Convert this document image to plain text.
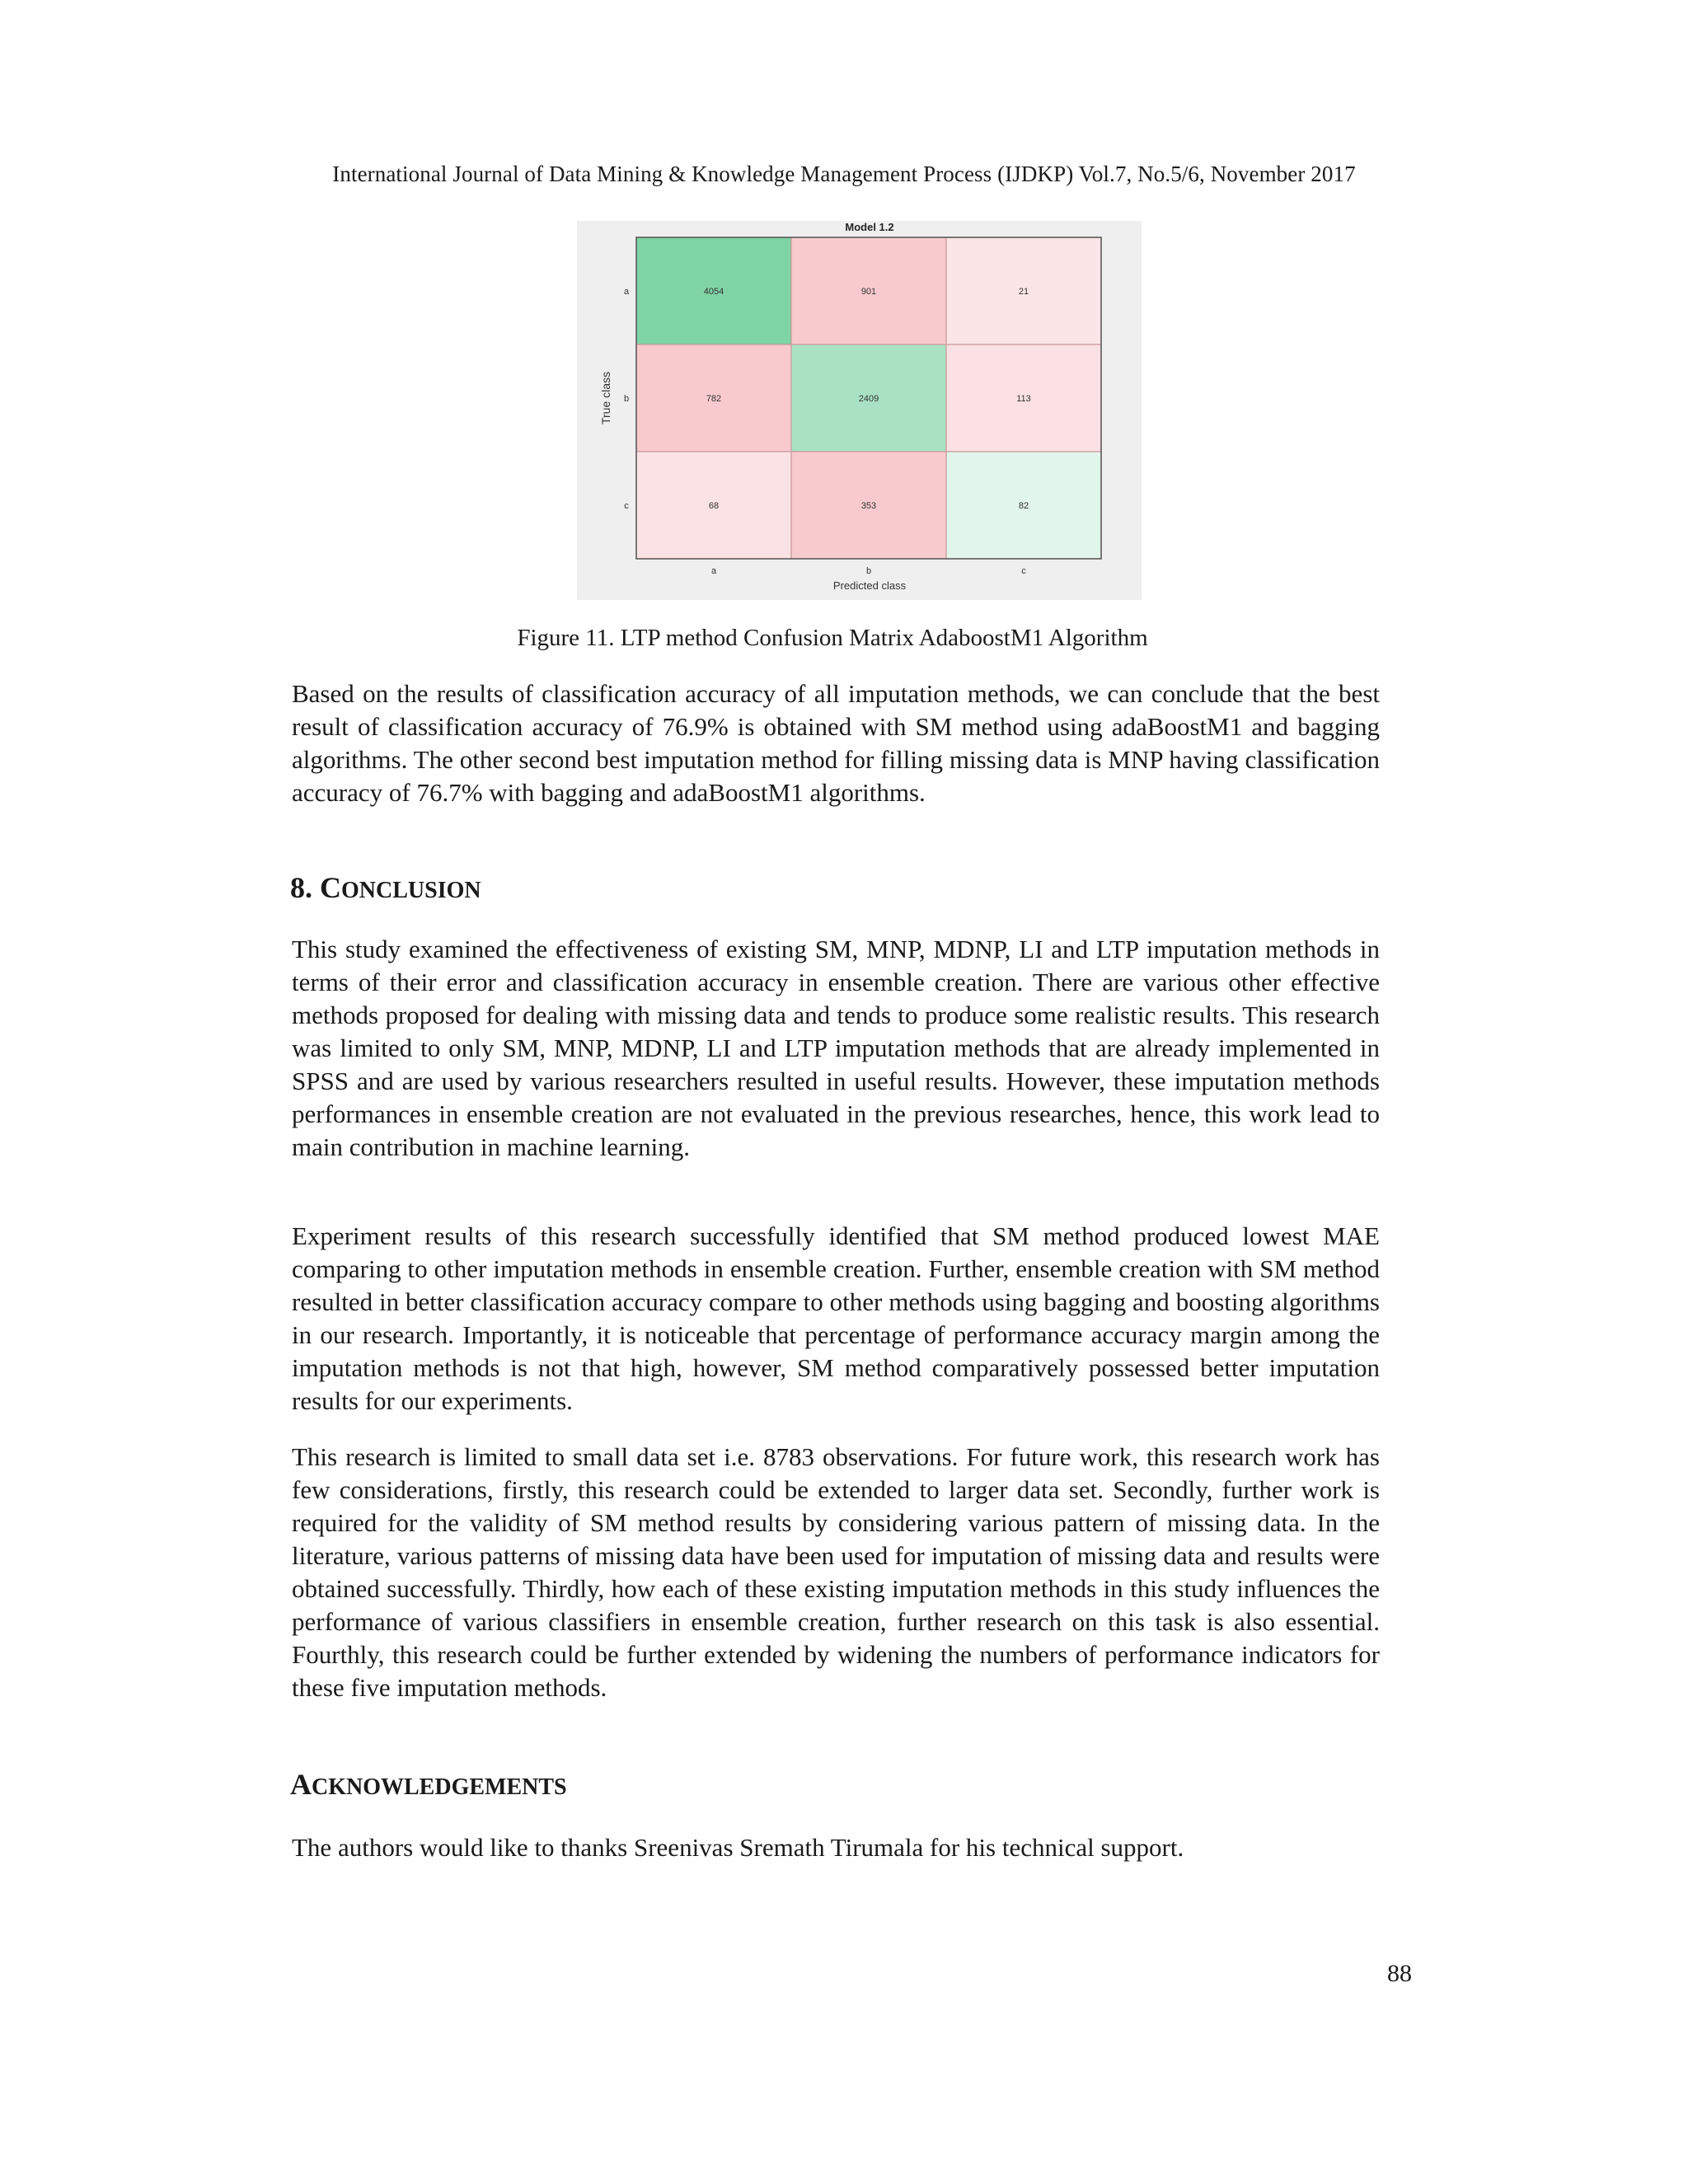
International Journal of Data Mining & Knowledge Management Process (IJDKP) Vol.7, No.5/6, November 2017
Model 1.2
4054	901	21
782	2409	113
68	353	82
a
b
c
a	b	c
True class
Predicted class
Figure 11. LTP method Confusion Matrix AdaboostM1 Algorithm

Based on the results of classification accuracy of all imputation methods, we can conclude that the best result of classification accuracy of 76.9% is obtained with SM method using adaBoostM1 and bagging algorithms. The other second best imputation method for filling missing data is MNP having classification accuracy of 76.7% with bagging and adaBoostM1 algorithms.

8. CONCLUSION

This study examined the effectiveness of existing SM, MNP, MDNP, LI and LTP imputation methods in terms of their error and classification accuracy in ensemble creation. There are various other effective methods proposed for dealing with missing data and tends to produce some realistic results. This research was limited to only SM, MNP, MDNP, LI and LTP imputation methods that are already implemented in SPSS and are used by various researchers resulted in useful results. However, these imputation methods performances in ensemble creation are not evaluated in the previous researches, hence, this work lead to main contribution in machine learning.

Experiment results of this research successfully identified that SM method produced lowest MAE comparing to other imputation methods in ensemble creation. Further, ensemble creation with SM method resulted in better classification accuracy compare to other methods using bagging and boosting algorithms in our research. Importantly, it is noticeable that percentage of performance accuracy margin among the imputation methods is not that high, however, SM method comparatively possessed better imputation results for our experiments.

This research is limited to small data set i.e. 8783 observations. For future work, this research work has few considerations, firstly, this research could be extended to larger data set. Secondly, further work is required for the validity of SM method results by considering various pattern of missing data. In the literature, various patterns of missing data have been used for imputation of missing data and results were obtained successfully. Thirdly, how each of these existing imputation methods in this study influences the performance of various classifiers in ensemble creation, further research on this task is also essential. Fourthly, this research could be further extended by widening the numbers of performance indicators for these five imputation methods.

ACKNOWLEDGEMENTS

The authors would like to thanks Sreenivas Sremath Tirumala for his technical support.

88
